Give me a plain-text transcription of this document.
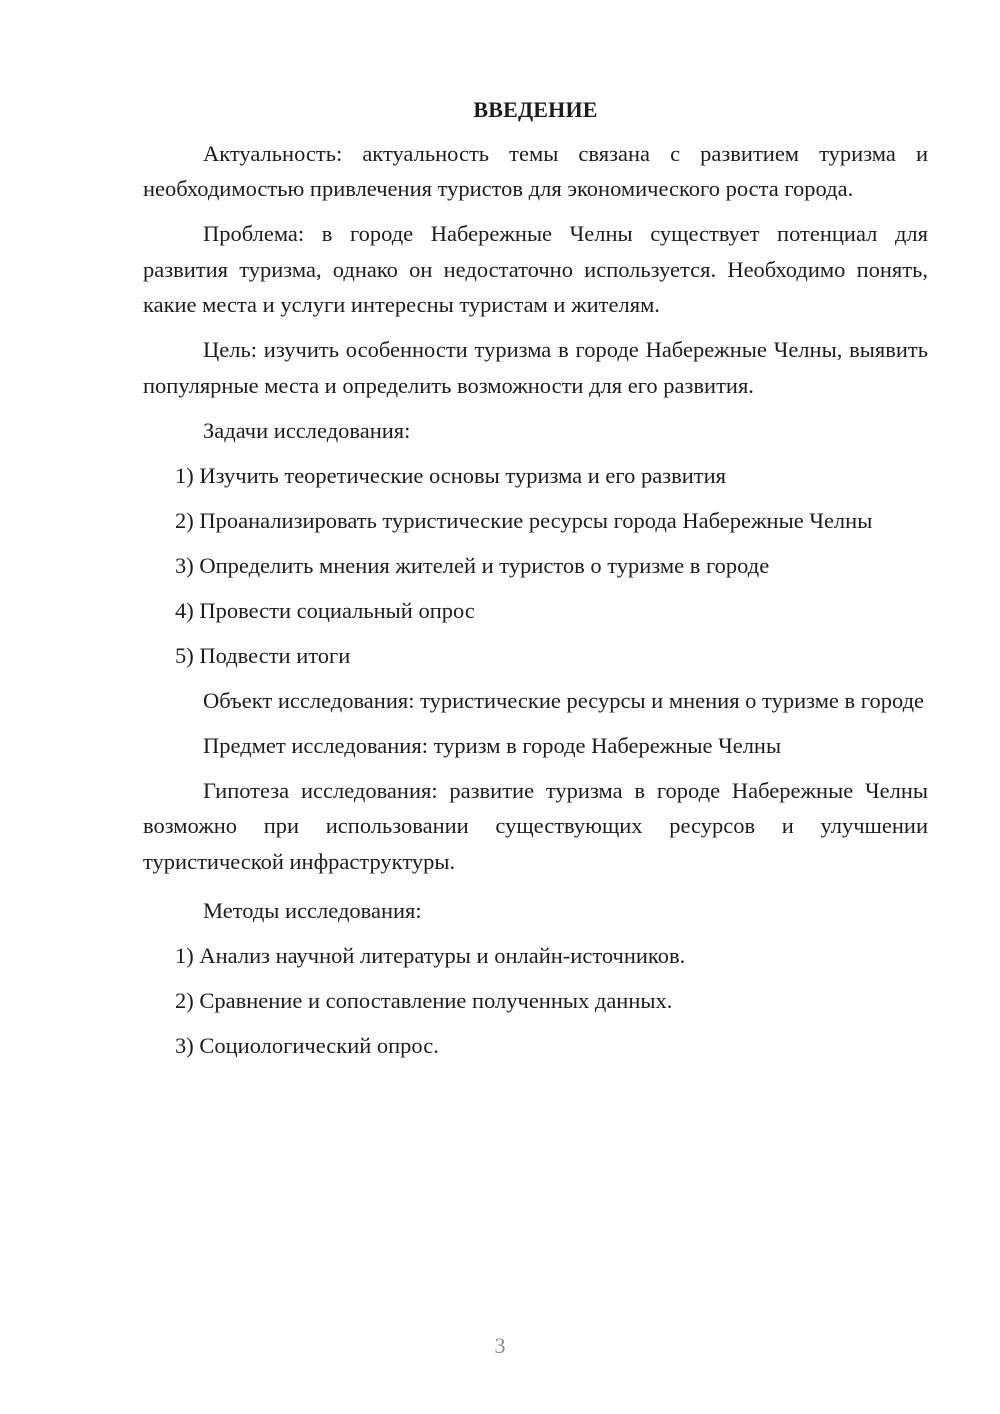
ВВЕДЕНИЕ

Актуальность: актуальность темы связана с развитием туризма и необходимостью привлечения туристов для экономического роста города.

Проблема: в городе Набережные Челны существует потенциал для развития туризма, однако он недостаточно используется. Необходимо понять, какие места и услуги интересны туристам и жителям.

Цель: изучить особенности туризма в городе Набережные Челны, выявить популярные места и определить возможности для его развития.

Задачи исследования:

1) Изучить теоретические основы туризма и его развития

2) Проанализировать туристические ресурсы города Набережные Челны

3) Определить мнения жителей и туристов о туризме в городе

4) Провести социальный опрос

5) Подвести итоги

Объект исследования: туристические ресурсы и мнения о туризме в городе

Предмет исследования: туризм в городе Набережные Челны

Гипотеза исследования: развитие туризма в городе Набережные Челны возможно при использовании существующих ресурсов и улучшении туристической инфраструктуры.

Методы исследования:

1) Анализ научной литературы и онлайн-источников.

2) Сравнение и сопоставление полученных данных.

3) Социологический опрос.

3
